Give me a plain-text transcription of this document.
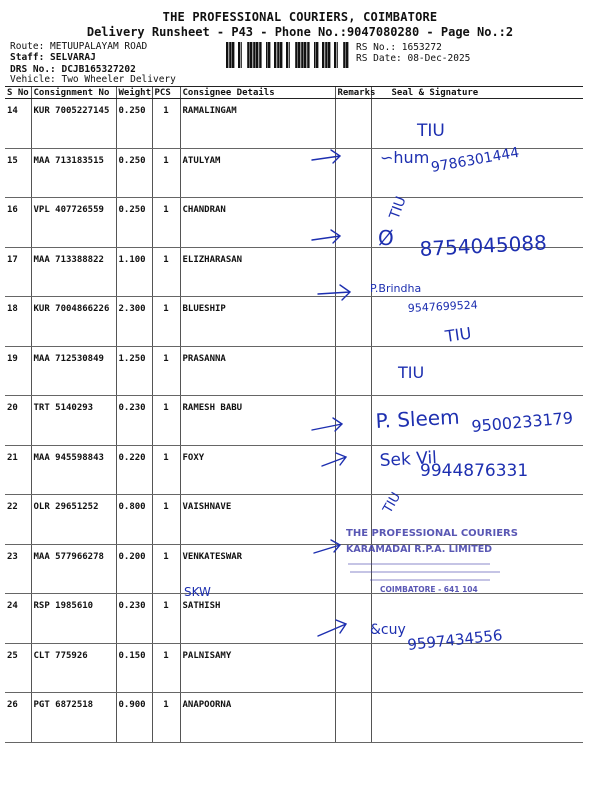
THE PROFESSIONAL COURIERS, COIMBATORE
Delivery Runsheet - P43 - Phone No.:9047080280 - Page No.:2
Route: METUUPALAYAM ROAD
Staff: SELVARAJ
DRS No.: DCJB165327202
Vehicle: Two Wheeler Delivery
RS No.: 1653272
RS Date: 08-Dec-2025
S No	Consignment No	Weight	PCS	Consignee Details	Remarks	Seal & Signature
14	KUR 7005227145	0.250	1	RAMALINGAM		
15	MAA 713183515	0.250	1	ATULYAM		
16	VPL 407726559	0.250	1	CHANDRAN		
17	MAA 713388822	1.100	1	ELIZHARASAN		
18	KUR 7004866226	2.300	1	BLUESHIP		
19	MAA 712530849	1.250	1	PRASANNA		
20	TRT 5140293	0.230	1	RAMESH BABU		
21	MAA 945598843	0.220	1	FOXY		
22	OLR 29651252	0.800	1	VAISHNAVE		
23	MAA 577966278	0.200	1	VENKATESWAR		
24	RSP 1985610	0.230	1	SATHISH		
25	CLT 775926	0.150	1	PALNISAMY		
26	PGT 6872518	0.900	1	ANAPOORNA		
TIU
∽hum 9786301444
TIU
Ø 8754045088
P.Brindha
9547699524
TIU
TIU
P. Sleem 9500233179
Sek Vil
9944876331
TIU
SKW
&cuy 9597434556
THE PROFESSIONAL COURIERS
KARAMADAI R.P.A. LIMITED
COIMBATORE - 641 104
